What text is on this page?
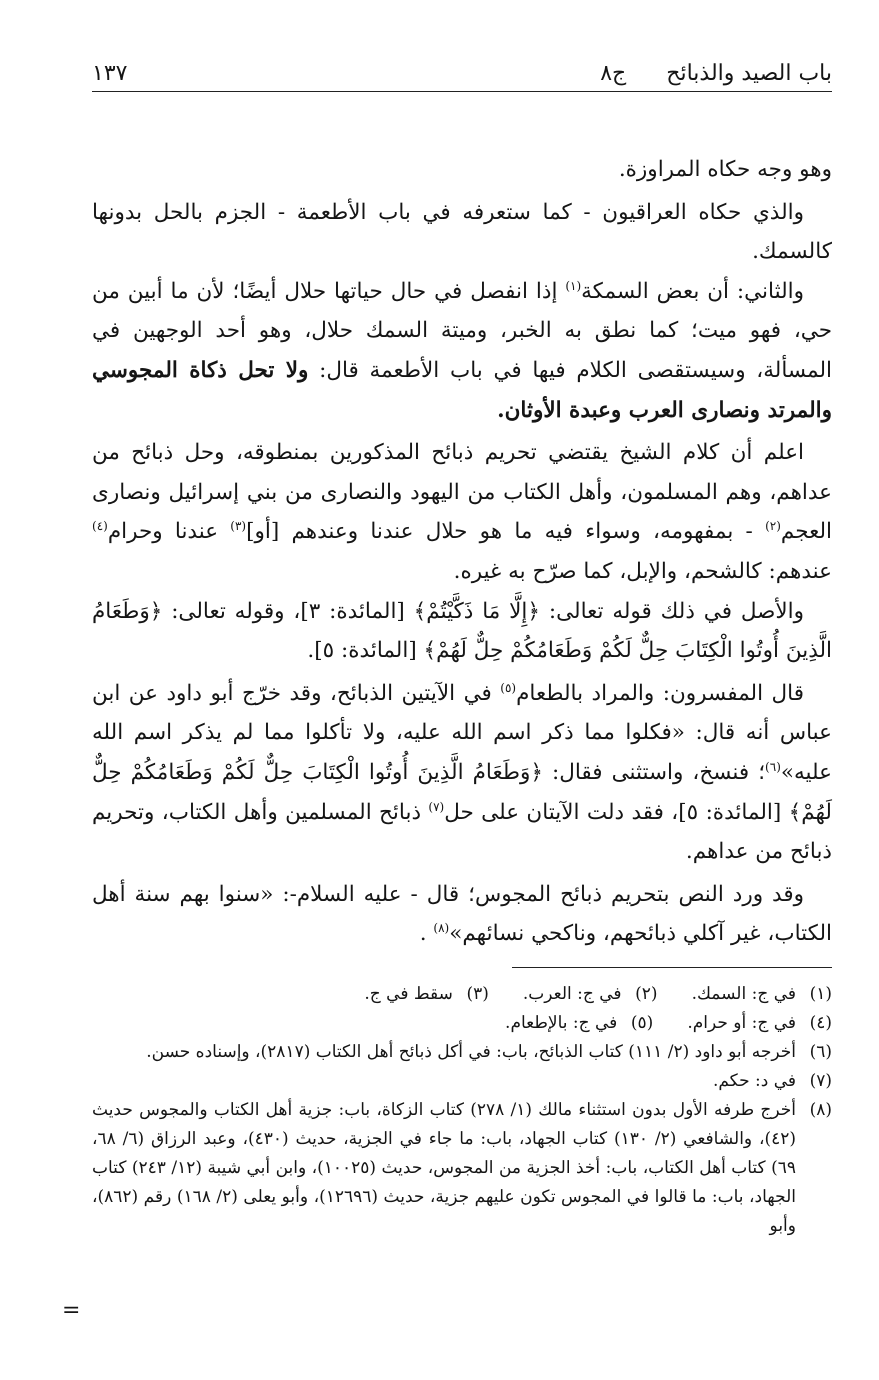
باب الصيد والذبائح
ج٨
١٣٧

وهو وجه حكاه المراوزة.

والذي حكاه العراقيون - كما ستعرفه في باب الأطعمة - الجزم بالحل بدونها كالسمك.

والثاني: أن بعض السمكة$^{(١)}$ إذا انفصل في حال حياتها حلال أيضًا؛ لأن ما أبين من حي، فهو ميت؛ كما نطق به الخبر، وميتة السمك حلال، وهو أحد الوجهين في المسألة، وسيستقصى الكلام فيها في باب الأطعمة قال: ولا تحل ذكاة المجوسي والمرتد ونصارى العرب وعبدة الأوثان.

اعلم أن كلام الشيخ يقتضي تحريم ذبائح المذكورين بمنطوقه، وحل ذبائح من عداهم، وهم المسلمون، وأهل الكتاب من اليهود والنصارى من بني إسرائيل ونصارى العجم$^{(٢)}$ - بمفهومه، وسواء فيه ما هو حلال عندنا وعندهم [أو]$^{(٣)}$ عندنا وحرام$^{(٤)}$ عندهم: كالشحم، والإبل، كما صرّح به غيره.

والأصل في ذلك قوله تعالى: ﴿إِلَّا مَا ذَكَّيْتُمْ﴾ [المائدة: ٣]، وقوله تعالى: ﴿وَطَعَامُ الَّذِينَ أُوتُوا الْكِتَابَ حِلٌّ لَكُمْ وَطَعَامُكُمْ حِلٌّ لَهُمْ﴾ [المائدة: ٥].

قال المفسرون: والمراد بالطعام$^{(٥)}$ في الآيتين الذبائح، وقد خرّج أبو داود عن ابن عباس أنه قال: «فكلوا مما ذكر اسم الله عليه، ولا تأكلوا مما لم يذكر اسم الله عليه»$^{(٦)}$؛ فنسخ، واستثنى فقال: ﴿وَطَعَامُ الَّذِينَ أُوتُوا الْكِتَابَ حِلٌّ لَكُمْ وَطَعَامُكُمْ حِلٌّ لَهُمْ﴾ [المائدة: ٥]، فقد دلت الآيتان على حل$^{(٧)}$ ذبائح المسلمين وأهل الكتاب، وتحريم ذبائح من عداهم.

وقد ورد النص بتحريم ذبائح المجوس؛ قال - عليه السلام-: «سنوا بهم سنة أهل الكتاب، غير آكلي ذبائحهم، وناكحي نسائهم»$^{(٨)}$ .

(١)
في ج: السمك.
(٢)
في ج: العرب.
(٣)
سقط في ج.
(٤)
في ج: أو حرام.
(٥)
في ج: بالإطعام.
(٦)
أخرجه أبو داود (٢/ ١١١) كتاب الذبائح، باب: في أكل ذبائح أهل الكتاب (٢٨١٧)، وإسناده حسن.
(٧)
في د: حكم.
(٨)
أخرج طرفه الأول بدون استثناء مالك (١/ ٢٧٨) كتاب الزكاة، باب: جزية أهل الكتاب والمجوس حديث (٤٢)، والشافعي (٢/ ١٣٠) كتاب الجهاد، باب: ما جاء في الجزية، حديث (٤٣٠)، وعبد الرزاق (٦/ ٦٨، ٦٩) كتاب أهل الكتاب، باب: أخذ الجزية من المجوس، حديث (١٠٠٢٥)، وابن أبي شيبة (١٢/ ٢٤٣) كتاب الجهاد، باب: ما قالوا في المجوس تكون عليهم جزية، حديث (١٢٦٩٦)، وأبو يعلى (٢/ ١٦٨) رقم (٨٦٢)، وأبو
=
